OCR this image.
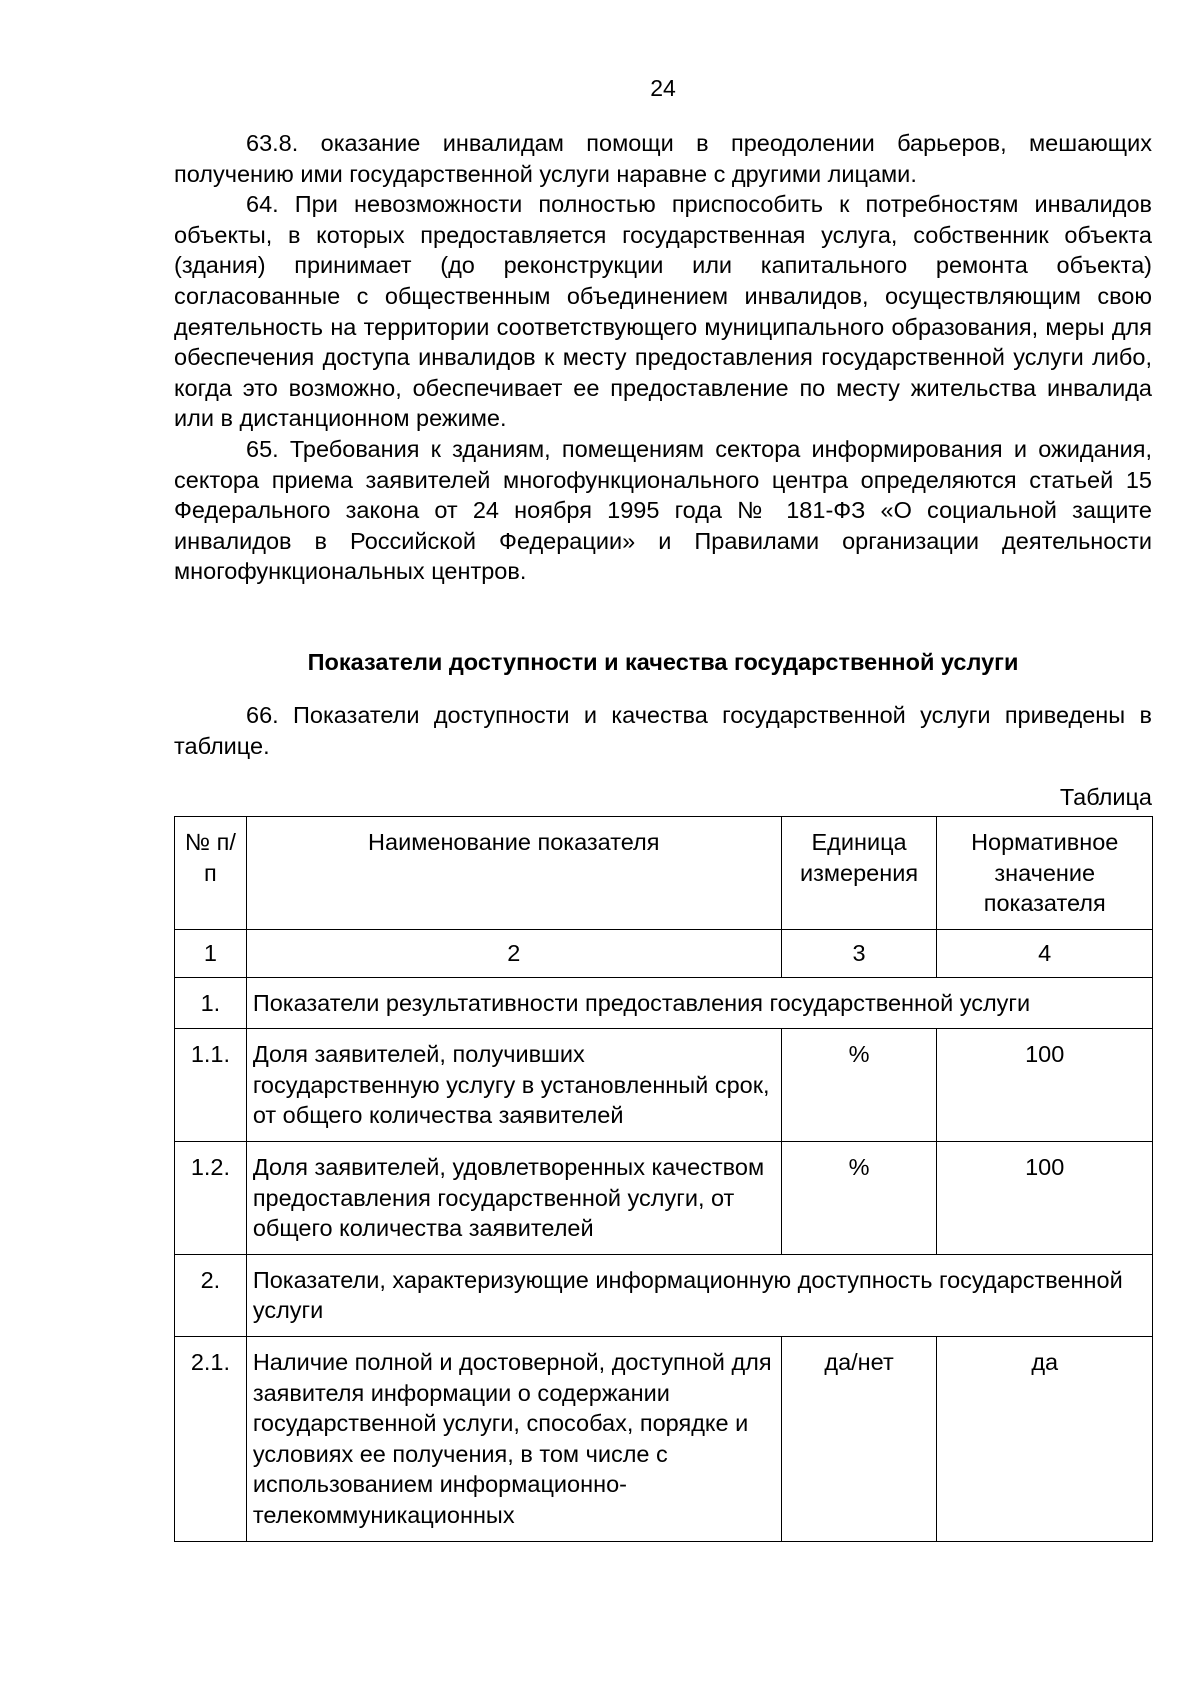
24

63.8. оказание инвалидам помощи в преодолении барьеров, мешающих получению ими государственной услуги наравне с другими лицами.

64. При невозможности полностью приспособить к потребностям инвалидов объекты, в которых предоставляется государственная услуга, собственник объекта (здания) принимает (до реконструкции или капитального ремонта объекта) согласованные с общественным объединением инвалидов, осуществляющим свою деятельность на территории соответствующего муниципального образования, меры для обеспечения доступа инвалидов к месту предоставления государственной услуги либо, когда это возможно, обеспечивает ее предоставление по месту жительства инвалида или в дистанционном режиме.

65. Требования к зданиям, помещениям сектора информирования и ожидания, сектора приема заявителей многофункционального центра определяются статьей 15 Федерального закона от 24 ноября 1995 года № 181-ФЗ «О социальной защите инвалидов в Российской Федерации» и Правилами организации деятельности многофункциональных центров.

Показатели доступности и качества государственной услуги

66. Показатели доступности и качества государственной услуги приведены в таблице.

Таблица
№ п/п	Наименование показателя	Единица измерения	Нормативное значение показателя
1	2	3	4
1.	Показатели результативности предоставления государственной услуги		
1.1.	Доля заявителей, получивших государственную услугу в установленный срок, от общего количества заявителей	%	100
1.2.	Доля заявителей, удовлетворенных качеством предоставления государственной услуги, от общего количества заявителей	%	100
2.	Показатели, характеризующие информационную доступность государственной услуги		
2.1.	Наличие полной и достоверной, доступной для заявителя информации о содержании государственной услуги, способах, порядке и условиях ее получения, в том числе с использованием информационно-телекоммуникационных	да/нет	да
